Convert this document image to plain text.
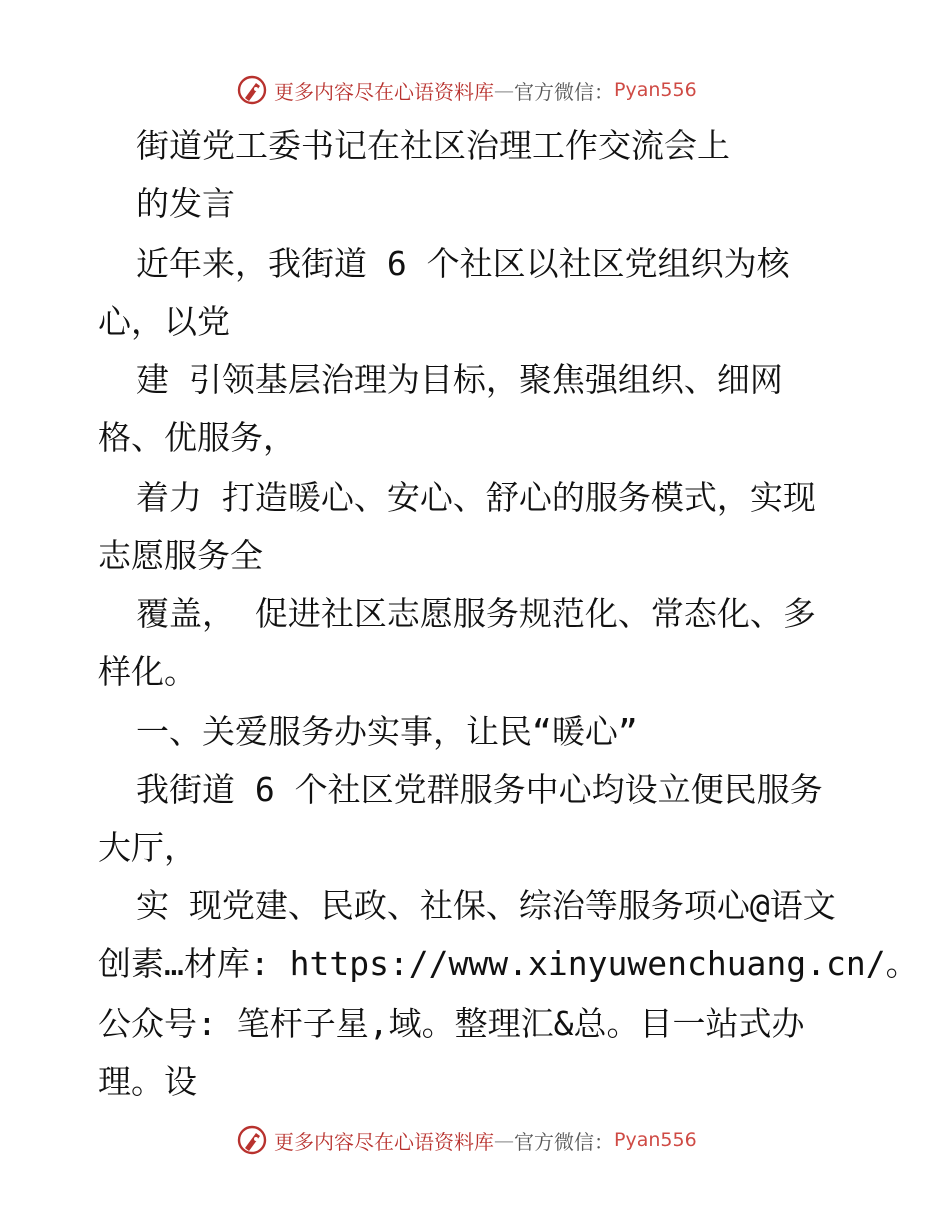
更多内容尽在心语资料库 — 官方微信： Pyan556
街道党工委书记在社区治理工作交流会上
的发言
近年来，我街道 6 个社区以社区党组织为核
心，以党
建 引领基层治理为目标，聚焦强组织、细网
格、优服务，
着力 打造暖心、安心、舒心的服务模式，实现
志愿服务全
覆盖， 促进社区志愿服务规范化、常态化、多
样化。
一、关爱服务办实事，让民“暖心”
我街道 6 个社区党群服务中心均设立便民服务
大厅，
实 现党建、民政、社保、综治等服务项心@语文
创素…材库: https://www.xinyuwenchuang.cn/。
公众号: 笔杆子星,域。整理汇&总。目一站式办
理。设
更多内容尽在心语资料库 — 官方微信： Pyan556
